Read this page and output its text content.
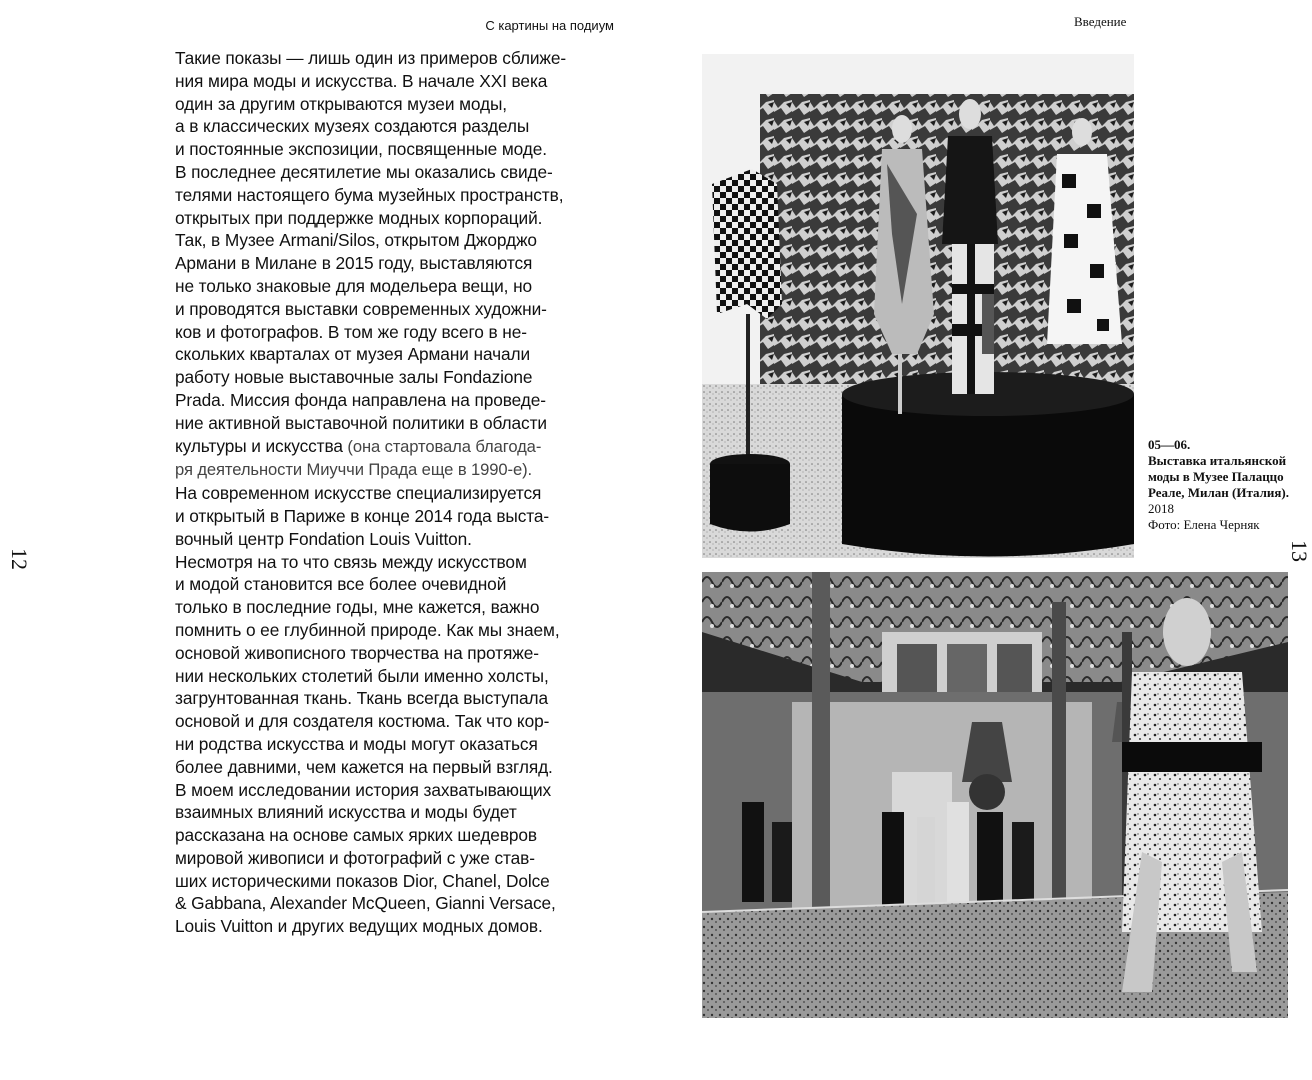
С картины на подиум
12
Такие показы — лишь один из примеров сближе-
ния мира моды и искусства. В начале XXI века
один за другим открываются музеи моды,
а в классических музеях создаются разделы
и постоянные экспозиции, посвященные моде.
В последнее десятилетие мы оказались свиде-
телями настоящего бума музейных пространств,
открытых при поддержке модных корпораций.
Так, в Музее Armani/Silos, открытом Джорджо
Армани в Милане в 2015 году, выставляются
не только знаковые для модельера вещи, но
и проводятся выставки современных художни-
ков и фотографов. В том же году всего в не-
скольких кварталах от музея Армани начали
работу новые выставочные залы Fondazione
Prada. Миссия фонда направлена на проведе-
ние активной выставочной политики в области
культуры и искусства (она стартовала благода-
ря деятельности Миуччи Прада еще в 1990-е).
На современном искусстве специализируется
и открытый в Париже в конце 2014 года выста-
вочный центр Fondation Louis Vuitton.
Несмотря на то что связь между искусством
и модой становится все более очевидной
только в последние годы, мне кажется, важно
помнить о ее глубинной природе. Как мы знаем,
основой живописного творчества на протяже-
нии нескольких столетий были именно холсты,
загрунтованная ткань. Ткань всегда выступала
основой и для создателя костюма. Так что кор-
ни родства искусства и моды могут оказаться
более давними, чем кажется на первый взгляд.
В моем исследовании история захватывающих
взаимных влияний искусства и моды будет
рассказана на основе самых ярких шедевров
мировой живописи и фотографий с уже став-
ших историческими показов Dior, Chanel, Dolce
& Gabbana, Alexander McQueen, Gianni Versace,
Louis Vuitton и других ведущих модных домов.
Введение
05—06.
Выставка итальянской моды в Музее Палаццо Реале, Милан (Италия).
2018
Фото: Елена Черняк
13
